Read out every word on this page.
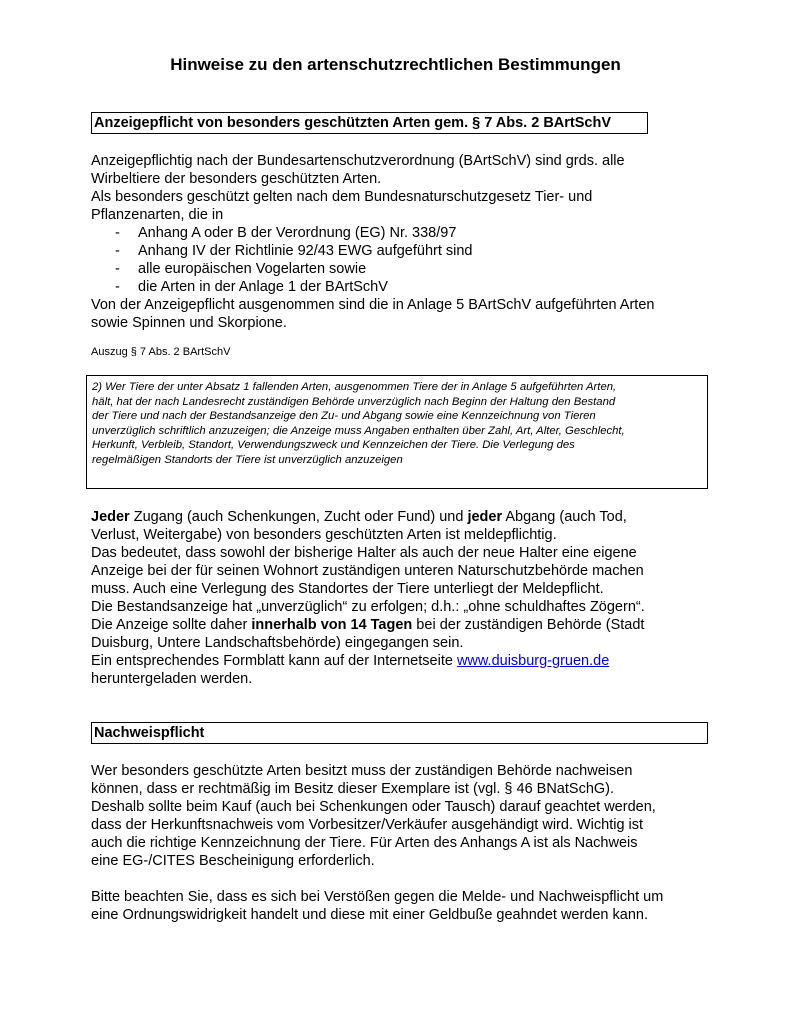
Hinweise zu den artenschutzrechtlichen Bestimmungen
Anzeigepflicht von besonders geschützten Arten gem. § 7 Abs. 2 BArtSchV

Anzeigepflichtig nach der Bundesartenschutzverordnung (BArtSchV) sind grds. alle

Wirbeltiere der besonders geschützten Arten.

Als besonders geschützt gelten nach dem Bundesnaturschutzgesetz Tier- und

Pflanzenarten, die in

- Anhang A oder B der Verordnung (EG) Nr. 338/97
- Anhang IV der Richtlinie 92/43 EWG aufgeführt sind
- alle europäischen Vogelarten sowie
- die Arten in der Anlage 1 der BArtSchV

Von der Anzeigepflicht ausgenommen sind die in Anlage 5 BArtSchV aufgeführten Arten

sowie Spinnen und Skorpione.

Auszug § 7 Abs. 2 BArtSchV
2) Wer Tiere der unter Absatz 1 fallenden Arten, ausgenommen Tiere der in Anlage 5 aufgeführten Arten,
hält, hat der nach Landesrecht zuständigen Behörde unverzüglich nach Beginn der Haltung den Bestand
der Tiere und nach der Bestandsanzeige den Zu- und Abgang sowie eine Kennzeichnung von Tieren
unverzüglich schriftlich anzuzeigen; die Anzeige muss Angaben enthalten über Zahl, Art, Alter, Geschlecht,
Herkunft, Verbleib, Standort, Verwendungszweck und Kennzeichen der Tiere. Die Verlegung des
regelmäßigen Standorts der Tiere ist unverzüglich anzuzeigen

Jeder Zugang (auch Schenkungen, Zucht oder Fund) und jeder Abgang (auch Tod,

Verlust, Weitergabe) von besonders geschützten Arten ist meldepflichtig.

Das bedeutet, dass sowohl der bisherige Halter als auch der neue Halter eine eigene

Anzeige bei der für seinen Wohnort zuständigen unteren Naturschutzbehörde machen

muss. Auch eine Verlegung des Standortes der Tiere unterliegt der Meldepflicht.

Die Bestandsanzeige hat „unverzüglich“ zu erfolgen; d.h.: „ohne schuldhaftes Zögern“.

Die Anzeige sollte daher innerhalb von 14 Tagen bei der zuständigen Behörde (Stadt

Duisburg, Untere Landschaftsbehörde) eingegangen sein.

Ein entsprechendes Formblatt kann auf der Internetseite www.duisburg-gruen.de

heruntergeladen werden.

Nachweispflicht

Wer besonders geschützte Arten besitzt muss der zuständigen Behörde nachweisen

können, dass er rechtmäßig im Besitz dieser Exemplare ist (vgl. § 46 BNatSchG).

Deshalb sollte beim Kauf (auch bei Schenkungen oder Tausch) darauf geachtet werden,

dass der Herkunftsnachweis vom Vorbesitzer/Verkäufer ausgehändigt wird. Wichtig ist

auch die richtige Kennzeichnung der Tiere. Für Arten des Anhangs A ist als Nachweis

eine EG-/CITES Bescheinigung erforderlich.

Bitte beachten Sie, dass es sich bei Verstößen gegen die Melde- und Nachweispflicht um

eine Ordnungswidrigkeit handelt und diese mit einer Geldbuße geahndet werden kann.
